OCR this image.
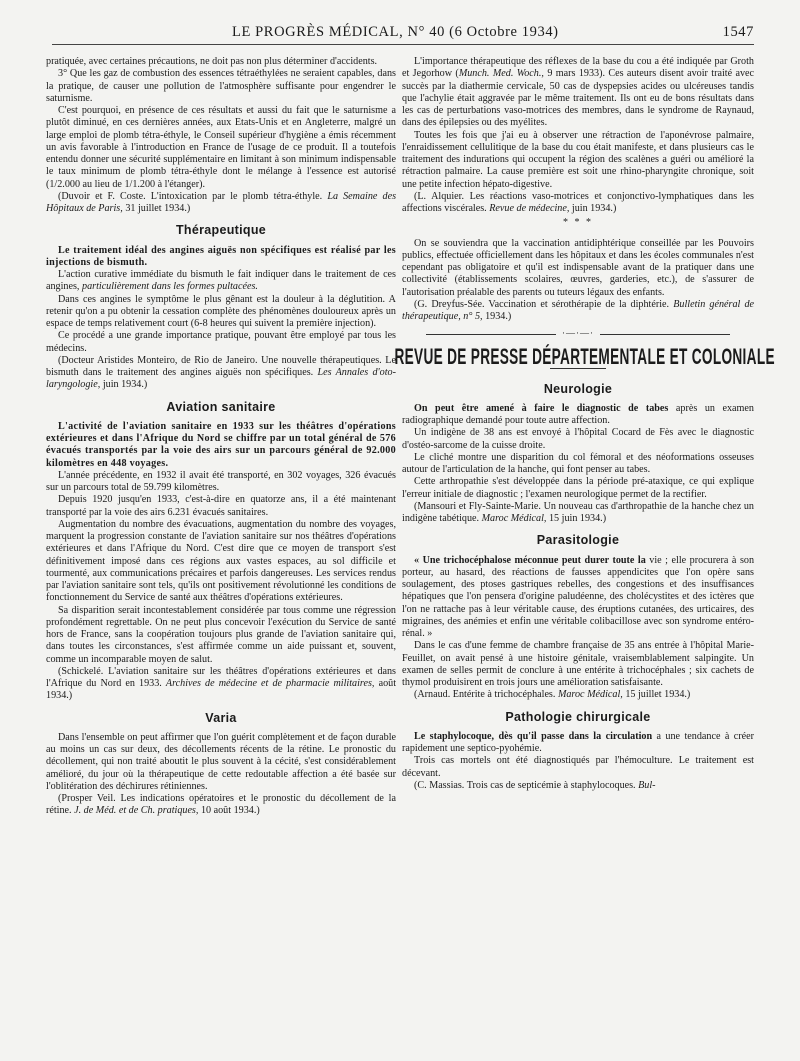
LE PROGRÈS MÉDICAL, N° 40 (6 Octobre 1934)	1547

pratiquée, avec certaines précautions, ne doit pas non plus déterminer d'accidents.

3° Que les gaz de combustion des essences tétraéthylées ne seraient capables, dans la pratique, de causer une pollution de l'atmosphère suffisante pour engendrer le saturnisme.

C'est pourquoi, en présence de ces résultats et aussi du fait que le saturnisme a plutôt diminué, en ces dernières années, aux Etats-Unis et en Angleterre, malgré un large emploi de plomb tétra-éthyle, le Conseil supérieur d'hygiène a émis récemment un avis favorable à l'introduction en France de l'usage de ce produit. Il a toutefois entendu donner une sécurité supplémentaire en limitant à son minimum indispensable le taux minimum de plomb tétra-éthyle dont le mélange à l'essence est autorisé (1/2.000 au lieu de 1/1.200 à l'étanger).

(Duvoir et F. Coste. L'intoxication par le plomb tétra-éthyle. La Semaine des Hôpitaux de Paris, 31 juillet 1934.)

Thérapeutique

Le traitement idéal des angines aiguës non spécifiques est réalisé par les injections de bismuth.

L'action curative immédiate du bismuth le fait indiquer dans le traitement de ces angines, particulièrement dans les formes pultacées.

Dans ces angines le symptôme le plus gênant est la douleur à la déglutition. A retenir qu'on a pu obtenir la cessation complète des phénomènes douloureux après un espace de temps relativement court (6-8 heures qui suivent la première injection).

Ce procédé a une grande importance pratique, pouvant être employé par tous les médecins.

(Docteur Aristides Monteiro, de Rio de Janeiro. Une nouvelle thérapeutiques. Le bismuth dans le traitement des angines aiguës non spécifiques. Les Annales d'oto-laryngologie, juin 1934.)

Aviation sanitaire

L'activité de l'aviation sanitaire en 1933 sur les théâtres d'opérations extérieures et dans l'Afrique du Nord se chiffre par un total général de 576 évacués transportés par la voie des airs sur un parcours général de 92.000 kilomètres en 448 voyages.

L'année précédente, en 1932 il avait été transporté, en 302 voyages, 326 évacués sur un parcours total de 59.799 kilomètres.

Depuis 1920 jusqu'en 1933, c'est-à-dire en quatorze ans, il a été maintenant transporté par la voie des airs 6.231 évacués sanitaires.

Augmentation du nombre des évacuations, augmentation du nombre des voyages, marquent la progression constante de l'aviation sanitaire sur nos théâtres d'opérations extérieures et dans l'Afrique du Nord. C'est dire que ce moyen de transport s'est définitivement imposé dans ces régions aux vastes espaces, au sol difficile et tourmenté, aux communications précaires et parfois dangereuses. Les services rendus par l'aviation sanitaire sont tels, qu'ils ont positivement révolutionné les conditions de fonctionnement du Service de santé aux théâtres d'opérations extérieures.

Sa disparition serait incontestablement considérée par tous comme une régression profondément regrettable. On ne peut plus concevoir l'exécution du Service de santé hors de France, sans la coopération toujours plus grande de l'aviation sanitaire qui, dans toutes les circonstances, s'est affirmée comme un aide puissant et, souvent, comme un incomparable moyen de salut.

(Schickelé. L'aviation sanitaire sur les théâtres d'opérations extérieures et dans l'Afrique du Nord en 1933. Archives de médecine et de pharmacie militaires, août 1934.)

Varia

Dans l'ensemble on peut affirmer que l'on guérit complètement et de façon durable au moins un cas sur deux, des décollements récents de la rétine. Le pronostic du décollement, qui non traité aboutit le plus souvent à la cécité, s'est considérablement amélioré, du jour où la thérapeutique de cette redoutable affection a été basée sur l'oblitération des déchirures rétiniennes.

(Prosper Veil. Les indications opératoires et le pronostic du décollement de la rétine. J. de Méd. et de Ch. pratiques, 10 août 1934.)

L'importance thérapeutique des réflexes de la base du cou a été indiquée par Groth et Jegorhow (Munch. Med. Woch., 9 mars 1933). Ces auteurs disent avoir traité avec succès par la diathermie cervicale, 50 cas de dyspepsies acides ou ulcéreuses tandis que l'achylie était aggravée par le même traitement. Ils ont eu de bons résultats dans les cas de perturbations vaso-motrices des membres, dans le syndrome de Raynaud, dans des épilepsies ou des myélites.

Toutes les fois que j'ai eu à observer une rétraction de l'aponévrose palmaire, l'enraidissement cellulitique de la base du cou était manifeste, et dans plusieurs cas le traitement des indurations qui occupent la région des scalènes a guéri ou amélioré la rétraction palmaire. La cause première est soit une rhino-pharyngite chronique, soit une petite infection hépato-digestive.

(L. Alquier. Les réactions vaso-motrices et conjonctivo-lymphatiques dans les affections viscérales. Revue de médecine, juin 1934.)

* * *

On se souviendra que la vaccination antidiphtérique conseillée par les Pouvoirs publics, effectuée officiellement dans les hôpitaux et dans les écoles communales n'est cependant pas obligatoire et qu'il est indispensable avant de la pratiquer dans une collectivité (établissements scolaires, œuvres, garderies, etc.), de s'assurer de l'autorisation préalable des parents ou tuteurs légaux des enfants.

(G. Dreyfus-Sée. Vaccination et sérothérapie de la diphtérie. Bulletin général de thérapeutique, n° 5, 1934.)

·—·—·
REVUE DE PRESSE DÉPARTEMENTALE ET COLONIALE
Neurologie

On peut être amené à faire le diagnostic de tabes après un examen radiographique demandé pour toute autre affection.

Un indigène de 38 ans est envoyé à l'hôpital Cocard de Fès avec le diagnostic d'ostéo-sarcome de la cuisse droite.

Le cliché montre une disparition du col fémoral et des néoformations osseuses autour de l'articulation de la hanche, qui font penser au tabes.

Cette arthropathie s'est développée dans la période pré-ataxique, ce qui explique l'erreur initiale de diagnostic ; l'examen neurologique permet de la rectifier.

(Mansouri et Fly-Sainte-Marie. Un nouveau cas d'arthropathie de la hanche chez un indigène tabétique. Maroc Médical, 15 juin 1934.)

Parasitologie

« Une trichocéphalose méconnue peut durer toute la vie ; elle procurera à son porteur, au hasard, des réactions de fausses appendicites que l'on opère sans soulagement, des ptoses gastriques rebelles, des congestions et des insuffisances hépatiques que l'on pensera d'origine paludéenne, des cholécystites et des ictères que l'on ne rattache pas à leur véritable cause, des éruptions cutanées, des urticaires, des migraines, des anémies et enfin une véritable colibacillose avec son syndrome entéro-rénal. »

Dans le cas d'une femme de chambre française de 35 ans entrée à l'hôpital Marie-Feuillet, on avait pensé à une histoire génitale, vraisemblablement salpingite. Un examen de selles permit de conclure à une entérite à trichocéphales ; six cachets de thymol produisirent en trois jours une amélioration satisfaisante.

(Arnaud. Entérite à trichocéphales. Maroc Médical, 15 juillet 1934.)

Pathologie chirurgicale

Le staphylocoque, dès qu'il passe dans la circulation a une tendance à créer rapidement une septico-pyohémie.

Trois cas mortels ont été diagnostiqués par l'hémoculture. Le traitement est décevant.

(C. Massias. Trois cas de septicémie à staphylocoques. Bul-
